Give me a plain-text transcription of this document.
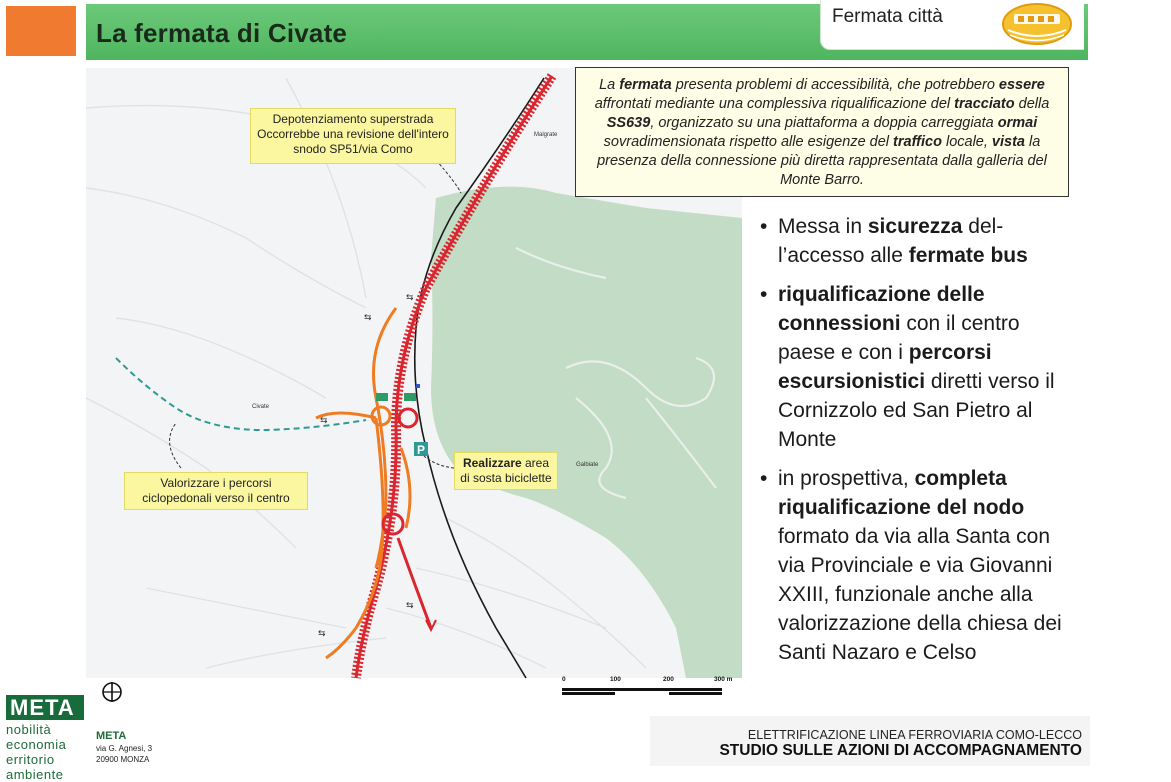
La fermata di Civate
Fermata città
P
⇆
⇆
⇆
⇆
⇆
Civate
Galbiate
Malgrate
0	100	200	300 m
La fermata presenta problemi di accessibilità, che potrebbero essere affrontati mediante una complessiva riqualificazione del tracciato della SS639, organizzato su una piattaforma a doppia carreggiata ormai sovradimensionata rispetto alle esigenze del traffico locale, vista la presenza della connessione più diretta rappresentata dalla galleria del Monte Barro.
Depotenziamento superstrada
Occorrebbe una revisione dell'intero
snodo SP51/via Como
Valorizzare i percorsi
ciclopedonali verso il centro
Realizzare area
di sosta biciclette
• Messa in sicurezza del-l’accesso alle fermate bus
• riqualificazione delle connessioni con il centro paese e con i percorsi escursionistici diretti verso il Cornizzolo ed San Pietro al Monte
• in prospettiva, completa riqualificazione del nodo formato da via alla Santa con via Provinciale e via Giovanni XXIII, funzionale anche alla valorizzazione della chiesa dei Santi Nazaro e Celso
ELETTRIFICAZIONE LINEA FERROVIARIA COMO-LECCO
STUDIO SULLE AZIONI DI ACCOMPAGNAMENTO
META
nobilità
economia
erritorio
ambiente
META
via G. Agnesi, 3
20900 MONZA
